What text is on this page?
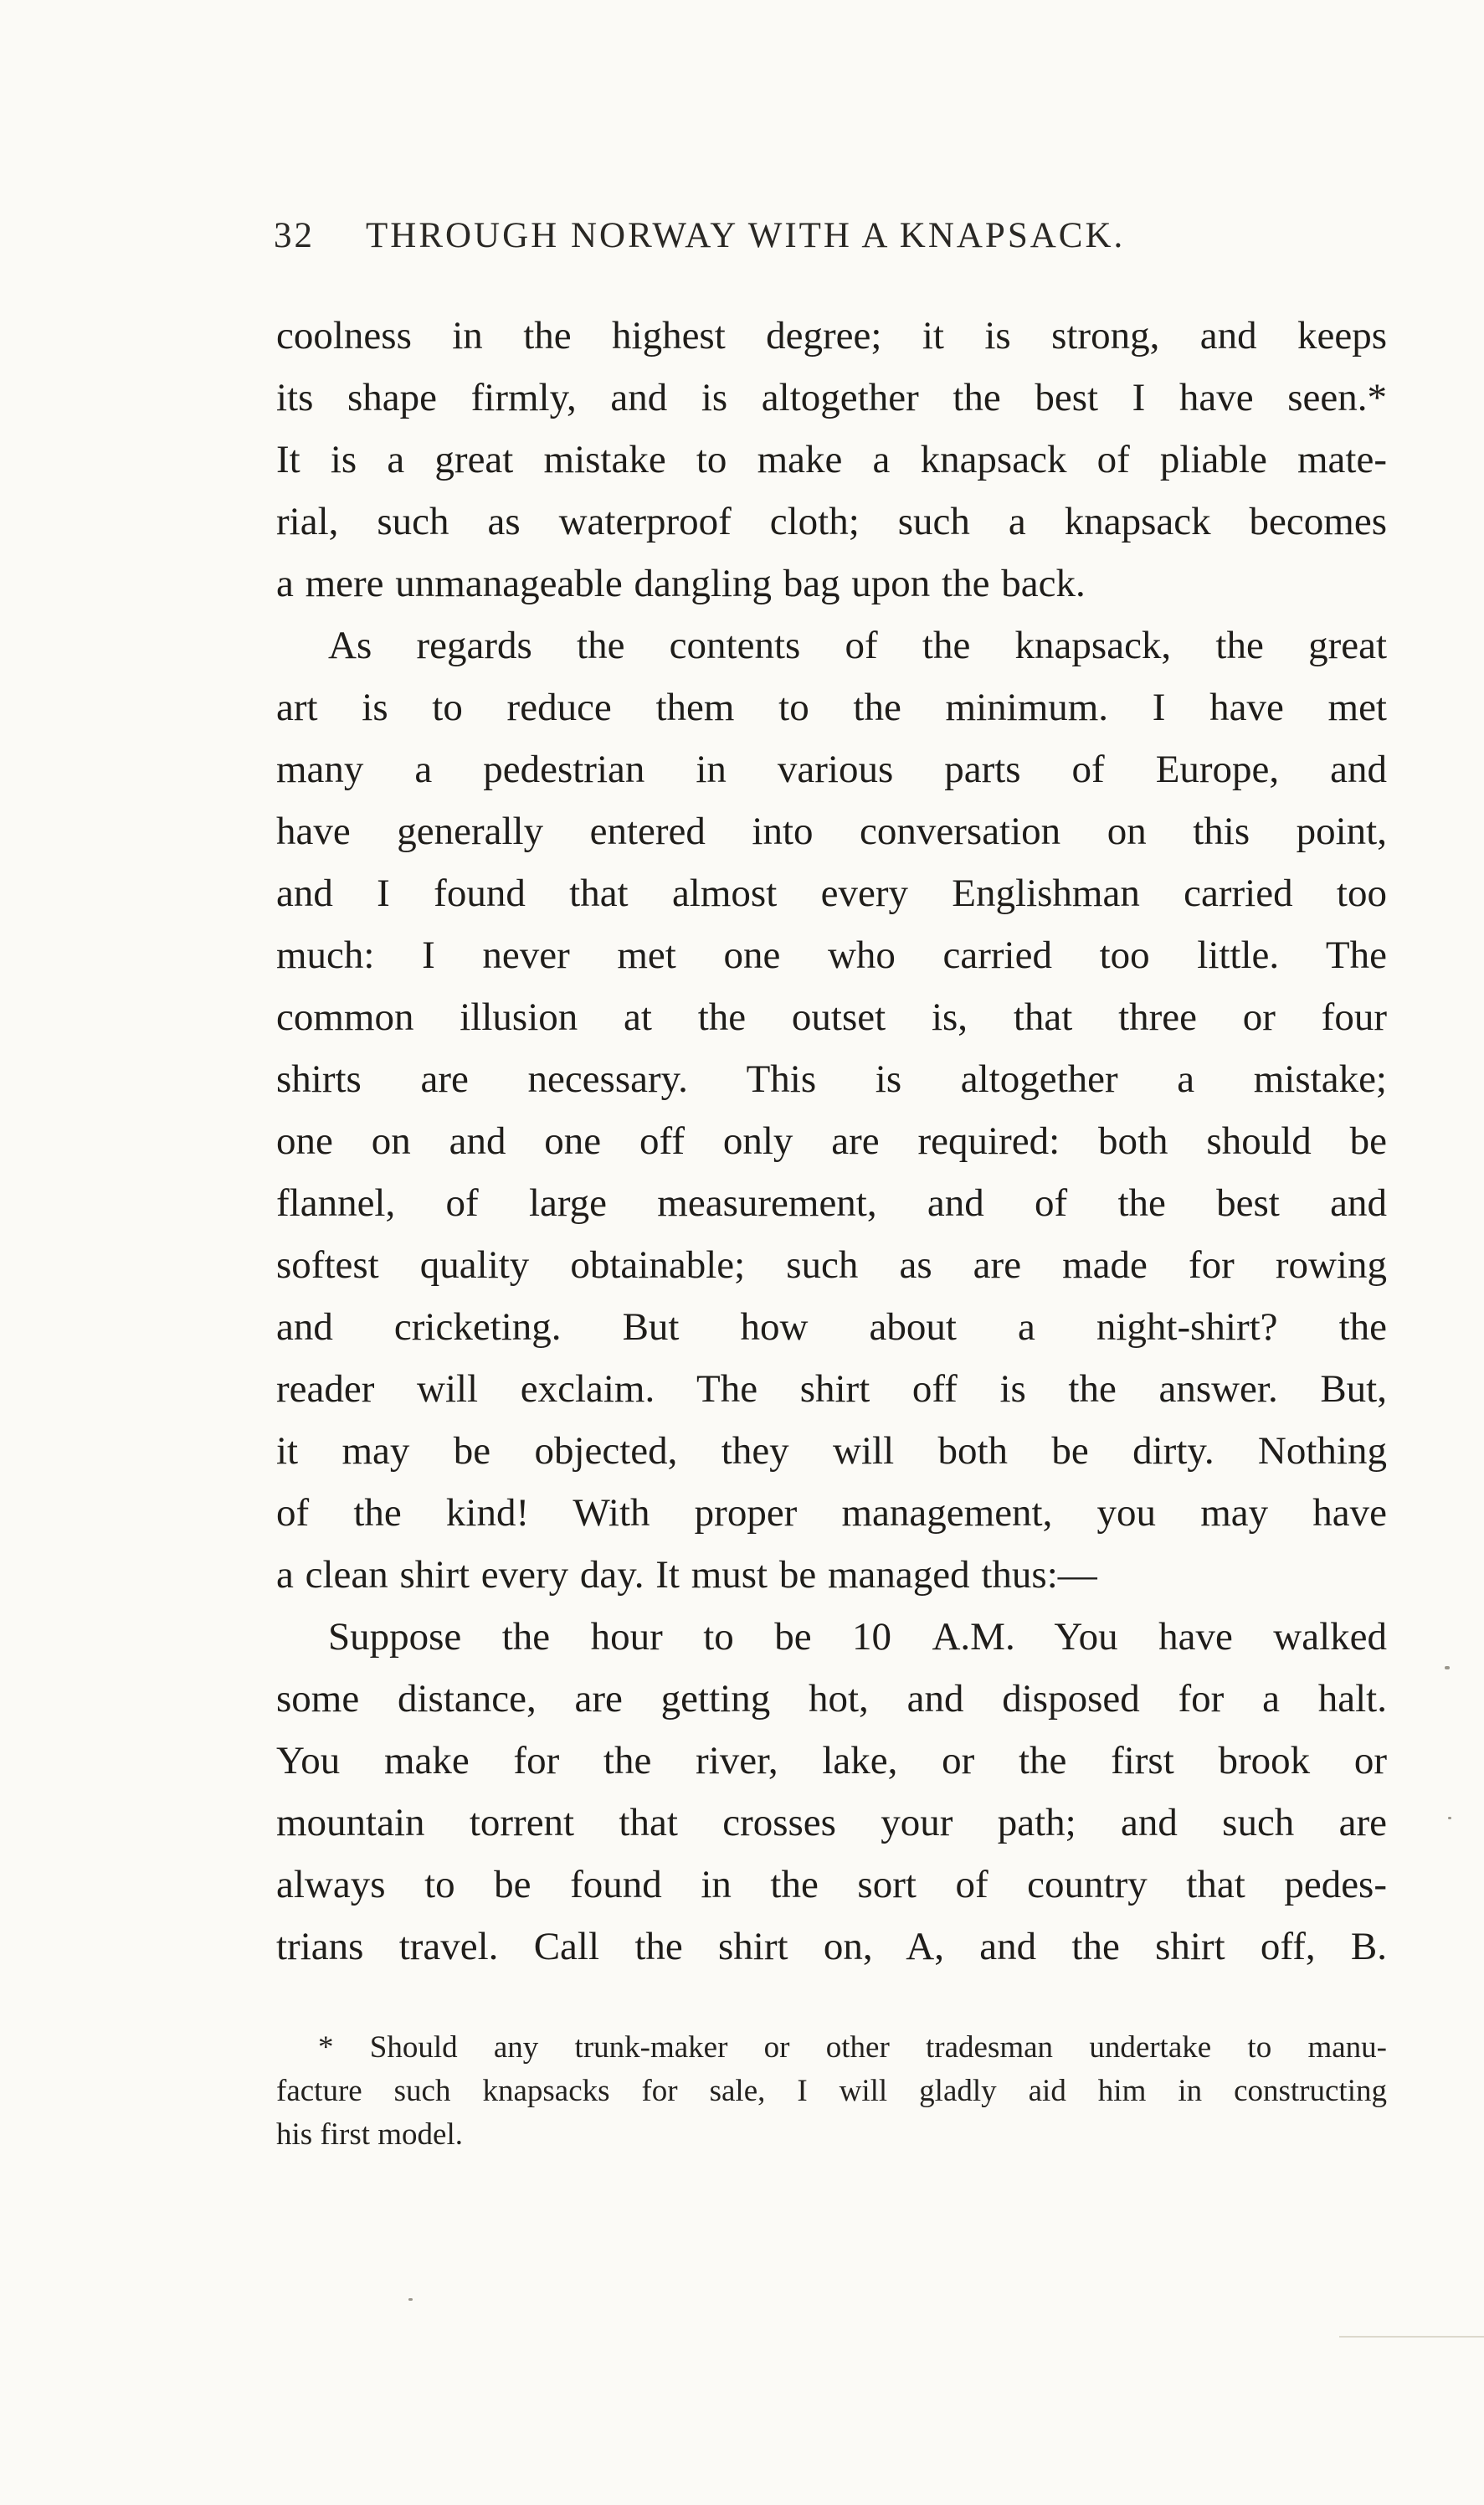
32 THROUGH NORWAY WITH A KNAPSACK.
coolness in the highest degree; it is strong, and keeps
its shape firmly, and is altogether the best I have seen.*
It is a great mistake to make a knapsack of pliable mate-
rial, such as waterproof cloth; such a knapsack becomes
a mere unmanageable dangling bag upon the back.
As regards the contents of the knapsack, the great
art is to reduce them to the minimum. I have met
many a pedestrian in various parts of Europe, and
have generally entered into conversation on this point,
and I found that almost every Englishman carried too
much: I never met one who carried too little. The
common illusion at the outset is, that three or four
shirts are necessary. This is altogether a mistake;
one on and one off only are required: both should be
flannel, of large measurement, and of the best and
softest quality obtainable; such as are made for rowing
and cricketing. But how about a night-shirt? the
reader will exclaim. The shirt off is the answer. But,
it may be objected, they will both be dirty. Nothing
of the kind! With proper management, you may have
a clean shirt every day. It must be managed thus:—
Suppose the hour to be 10 A.M. You have walked
some distance, are getting hot, and disposed for a halt.
You make for the river, lake, or the first brook or
mountain torrent that crosses your path; and such are
always to be found in the sort of country that pedes-
trians travel. Call the shirt on, A, and the shirt off, B.
* Should any trunk-maker or other tradesman undertake to manu-
facture such knapsacks for sale, I will gladly aid him in constructing
his first model.
